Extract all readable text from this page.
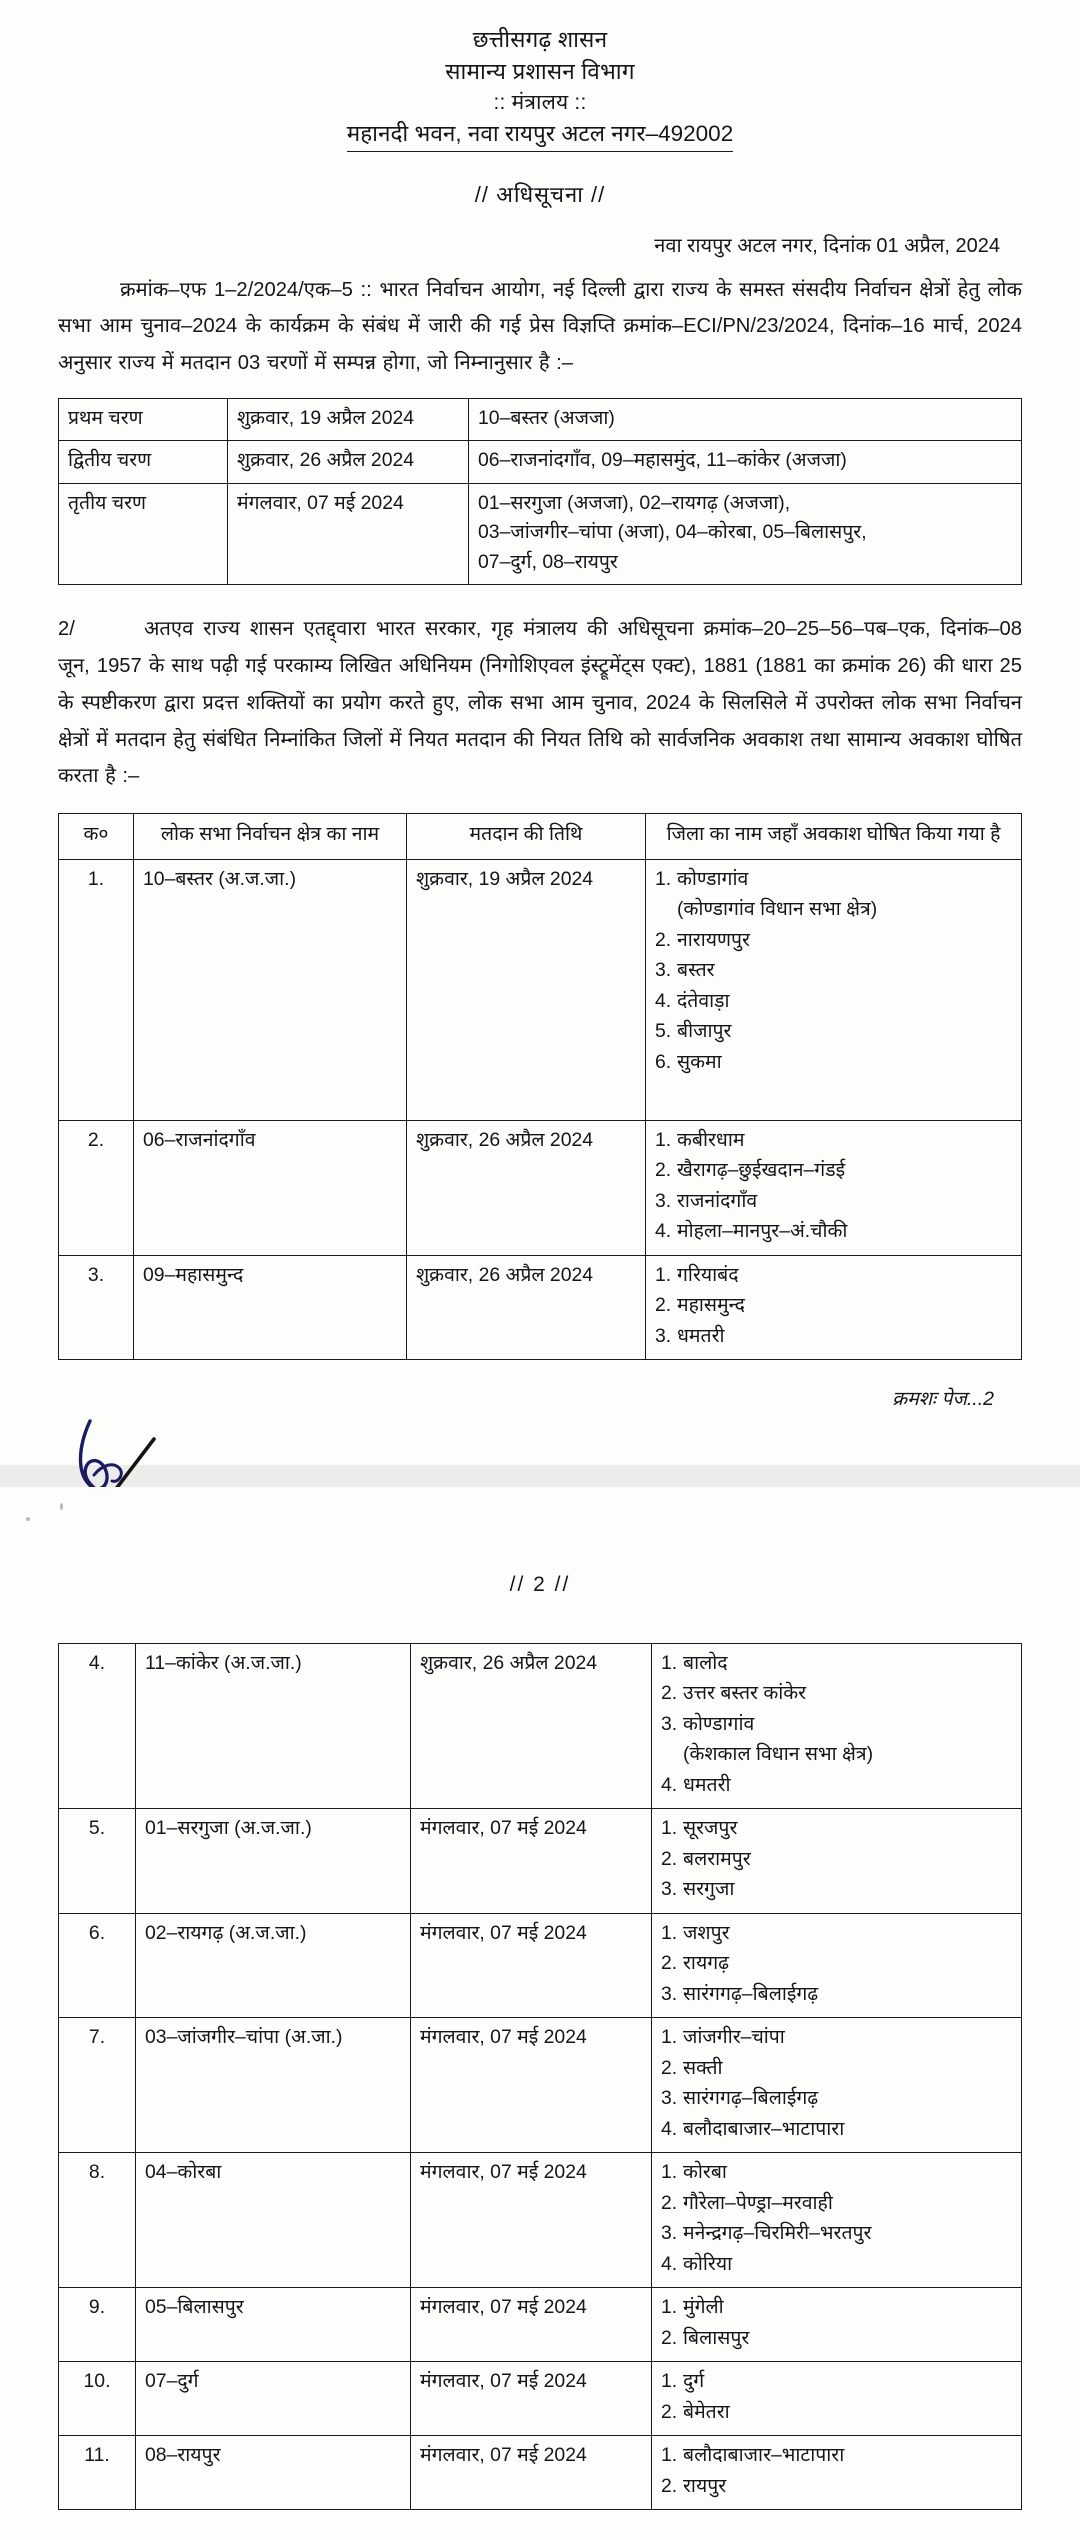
छत्तीसगढ़ शासन
सामान्य प्रशासन विभाग
:: मंत्रालय ::
महानदी भवन, नवा रायपुर अटल नगर–492002
// अधिसूचना //
नवा रायपुर अटल नगर, दिनांक 01 अप्रैल, 2024
क्रमांक–एफ 1–2/2024/एक–5 :: भारत निर्वाचन आयोग, नई दिल्ली द्वारा राज्य के समस्त संसदीय निर्वाचन क्षेत्रों हेतु लोक सभा आम चुनाव–2024 के कार्यक्रम के संबंध में जारी की गई प्रेस विज्ञप्ति क्रमांक–ECI/PN/23/2024, दिनांक–16 मार्च, 2024 अनुसार राज्य में मतदान 03 चरणों में सम्पन्न होगा, जो निम्नानुसार है :–
प्रथम चरण	शुक्रवार, 19 अप्रैल 2024	10–बस्तर (अजजा)

द्वितीय चरण	शुक्रवार, 26 अप्रैल 2024	06–राजनांदगॉंव, 09–महासमुंद, 11–कांकेर (अजजा)

तृतीय चरण	मंगलवार, 07 मई 2024	01–सरगुजा (अजजा), 02–रायगढ़ (अजजा),
03–जांजगीर–चांपा (अजा), 04–कोरबा, 05–बिलासपुर,
07–दुर्ग, 08–रायपुर
2/	अतएव राज्य शासन एतद्द्वारा भारत सरकार, गृह मंत्रालय की अधिसूचना क्रमांक–20–25–56–पब–एक, दिनांक–08 जून, 1957 के साथ पढ़ी गई परकाम्य लिखित अधिनियम (निगोशिएवल इंस्ट्रूमेंट्स एक्ट), 1881 (1881 का क्रमांक 26) की धारा 25 के स्पष्टीकरण द्वारा प्रदत्त शक्तियों का प्रयोग करते हुए, लोक सभा आम चुनाव, 2024 के सिलसिले में उपरोक्त लोक सभा निर्वाचन क्षेत्रों में मतदान हेतु संबंधित निम्नांकित जिलों में नियत मतदान की नियत तिथि को सार्वजनिक अवकाश तथा सामान्य अवकाश घोषित करता है :–
क०	लोक सभा निर्वाचन क्षेत्र का नाम	मतदान की तिथि	जिला का नाम जहॉं अवकाश घोषित किया गया है
1.	10–बस्तर (अ.ज.जा.)	शुक्रवार, 19 अप्रैल 2024	1. कोण्डागांव
(कोण्डागांव विधान सभा क्षेत्र)
2. नारायणपुर
3. बस्तर
4. दंतेवाड़ा
5. बीजापुर
6. सुकमा

2.	06–राजनांदगॉंव	शुक्रवार, 26 अप्रैल 2024	1. कबीरधाम
2. खैरागढ़–छुईखदान–गंडई
3. राजनांदगॉंव
4. मोहला–मानपुर–अं.चौकी

3.	09–महासमुन्द	शुक्रवार, 26 अप्रैल 2024	1. गरियाबंद
2. महासमुन्द
3. धमतरी
क्रमशः पेज...2
// 2 //
4.	11–कांकेर (अ.ज.जा.)	शुक्रवार, 26 अप्रैल 2024	1. बालोद
2. उत्तर बस्तर कांकेर
3. कोण्डागांव
(केशकाल विधान सभा क्षेत्र)
4. धमतरी

5.	01–सरगुजा (अ.ज.जा.)	मंगलवार, 07 मई 2024	1. सूरजपुर
2. बलरामपुर
3. सरगुजा

6.	02–रायगढ़ (अ.ज.जा.)	मंगलवार, 07 मई 2024	1. जशपुर
2. रायगढ़
3. सारंगगढ़–बिलाईगढ़

7.	03–जांजगीर–चांपा (अ.जा.)	मंगलवार, 07 मई 2024	1. जांजगीर–चांपा
2. सक्ती
3. सारंगगढ़–बिलाईगढ़
4. बलौदाबाजार–भाटापारा

8.	04–कोरबा	मंगलवार, 07 मई 2024	1. कोरबा
2. गौरेला–पेण्ड्रा–मरवाही
3. मनेन्द्रगढ़–चिरमिरी–भरतपुर
4. कोरिया

9.	05–बिलासपुर	मंगलवार, 07 मई 2024	1. मुंगेली
2. बिलासपुर

10.	07–दुर्ग	मंगलवार, 07 मई 2024	1. दुर्ग
2. बेमेतरा

11.	08–रायपुर	मंगलवार, 07 मई 2024	1. बलौदाबाजार–भाटापारा
2. रायपुर
